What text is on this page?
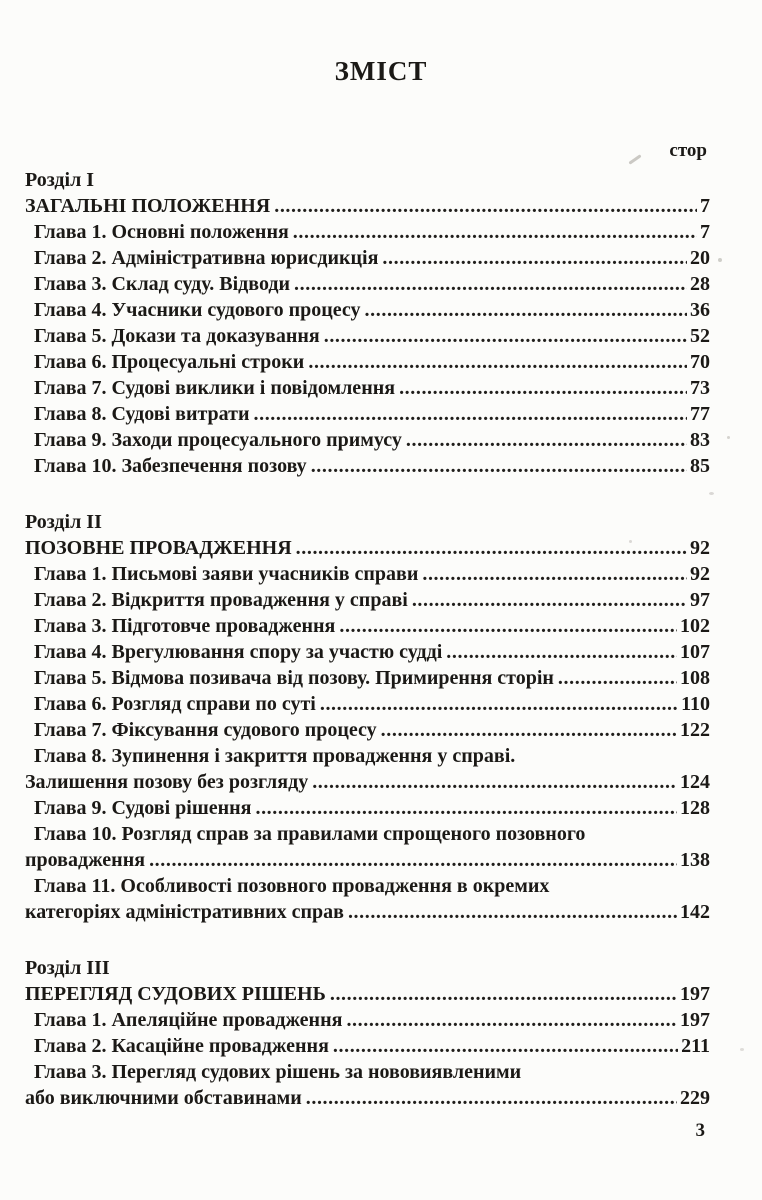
ЗМІСТ
стор
Розділ I
ЗАГАЛЬНІ ПОЛОЖЕННЯ .....	7
Глава 1. Основні положення .....	7
Глава 2. Адміністративна юрисдикція .....	20
Глава 3. Склад суду. Відводи .....	28
Глава 4. Учасники судового процесу .....	36
Глава 5. Докази та доказування .....	52
Глава 6. Процесуальні строки .....	70
Глава 7. Судові виклики і повідомлення .....	73
Глава 8. Судові витрати .....	77
Глава 9. Заходи процесуального примусу .....	83
Глава 10. Забезпечення позову .....	85
Розділ II
ПОЗОВНЕ ПРОВАДЖЕННЯ .....	92
Глава 1. Письмові заяви учасників справи .....	92
Глава 2. Відкриття провадження у справі .....	97
Глава 3. Підготовче провадження .....	102
Глава 4. Врегулювання спору за участю судді .....	107
Глава 5. Відмова позивача від позову. Примирення сторін .....	108
Глава 6. Розгляд справи по суті .....	110
Глава 7. Фіксування судового процесу .....	122
Глава 8. Зупинення і закриття провадження у справі.
Залишення позову без розгляду .....	124
Глава 9. Судові рішення .....	128
Глава 10. Розгляд справ за правилами спрощеного позовного
провадження .....	138
Глава 11. Особливості позовного провадження в окремих
категоріях адміністративних справ .....	142
Розділ III
ПЕРЕГЛЯД СУДОВИХ РІШЕНЬ .....	197
Глава 1. Апеляційне провадження .....	197
Глава 2. Касаційне провадження .....	211
Глава 3. Перегляд судових рішень за нововиявленими
або виключними обставинами .....	229
3
